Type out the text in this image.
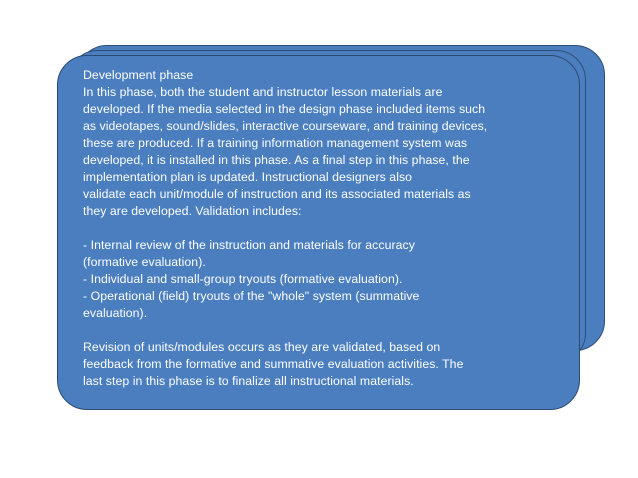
Development phase
In this phase, both the student and instructor lesson materials are
developed. If the media selected in the design phase included items such
as videotapes, sound/slides, interactive courseware, and training devices,
these are produced. If a training information management system was
developed, it is installed in this phase. As a final step in this phase, the
implementation plan is updated. Instructional designers also
validate each unit/module of instruction and its associated materials as
they are developed. Validation includes:
- Internal review of the instruction and materials for accuracy
(formative evaluation).
- Individual and small-group tryouts (formative evaluation).
- Operational (field) tryouts of the "whole" system (summative
evaluation).
Revision of units/modules occurs as they are validated, based on
feedback from the formative and summative evaluation activities. The
last step in this phase is to finalize all instructional materials.
